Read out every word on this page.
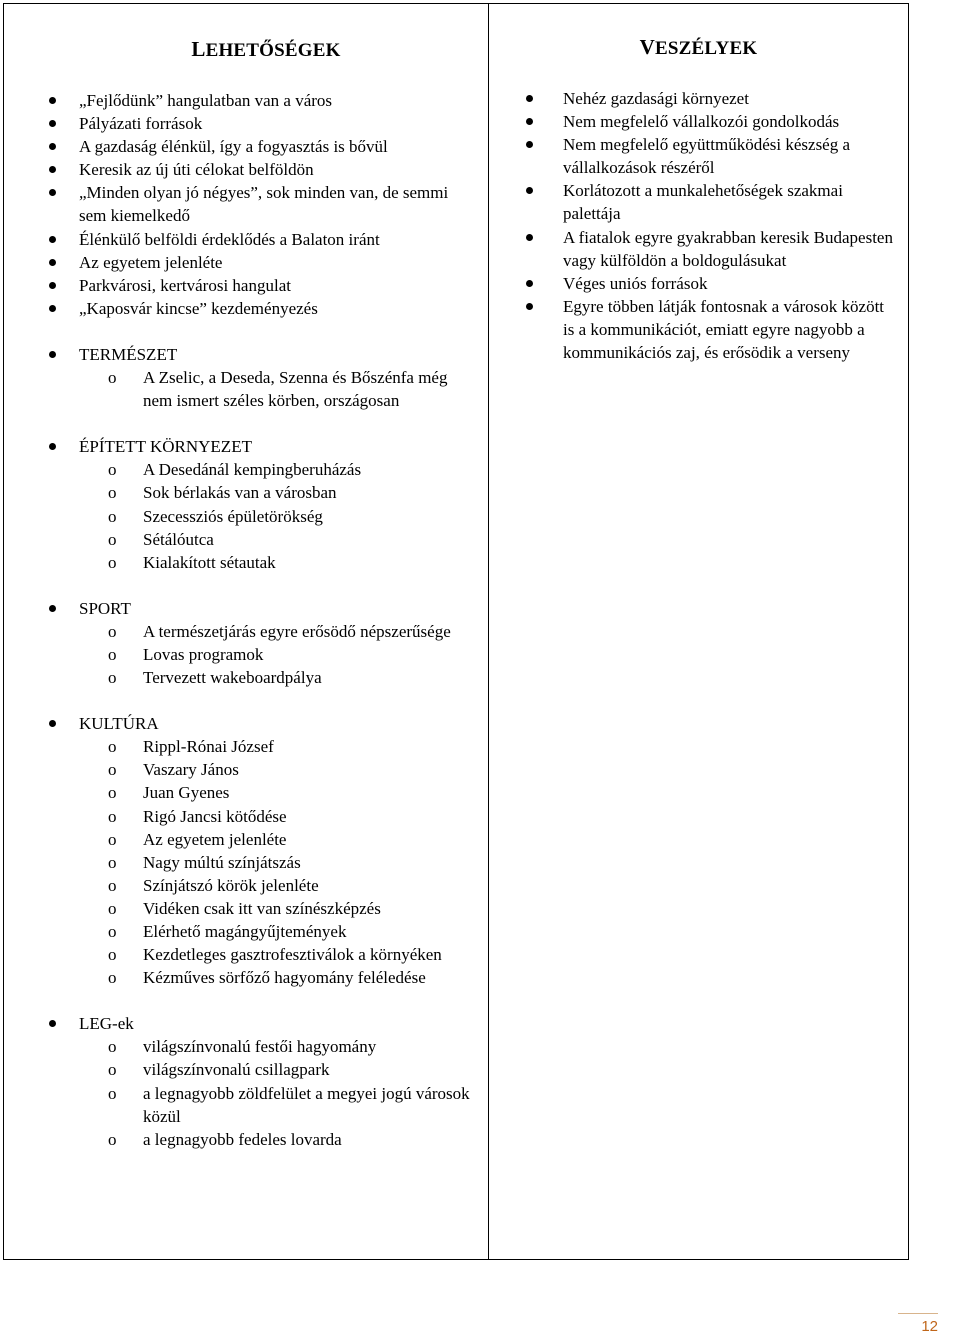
LEHETŐSÉGEK
„Fejlődünk” hangulatban van a város
Pályázati források
A gazdaság élénkül, így a fogyasztás is bővül
Keresik az új úti célokat belföldön
„Minden olyan jó négyes”, sok minden van, de semmi sem kiemelkedő
Élénkülő belföldi érdeklődés a Balaton iránt
Az egyetem jelenléte
Parkvárosi, kertvárosi hangulat
„Kaposvár kincse” kezdeményezés
TERMÉSZET
o A Zselic, a Deseda, Szenna és Bőszénfa még nem ismert széles körben, országosan
ÉPÍTETT KÖRNYEZET
o A Desedánál kempingberuházás
o Sok bérlakás van a városban
o Szecessziós épületörökség
o Sétálóutca
o Kialakított sétautak
SPORT
o A természetjárás egyre erősödő népszerűsége
o Lovas programok
o Tervezett wakeboardpálya
KULTÚRA
o Rippl-Rónai József
o Vaszary János
o Juan Gyenes
o Rigó Jancsi kötődése
o Az egyetem jelenléte
o Nagy múltú színjátszás
o Színjátszó körök jelenléte
o Vidéken csak itt van színészképzés
o Elérhető magángyűjtemények
o Kezdetleges gasztrofesztiválok a környéken
o Kézműves sörfőző hagyomány feléledése
LEG-ek
o világszínvonalú festői hagyomány
o világszínvonalú csillagpark
o a legnagyobb zöldfelület a megyei jogú városok közül
o a legnagyobb fedeles lovarda
VESZÉLYEK
Nehéz gazdasági környezet
Nem megfelelő vállalkozói gondolkodás
Nem megfelelő együttműködési készség a vállalkozások részéről
Korlátozott a munkalehetőségek szakmai palettája
A fiatalok egyre gyakrabban keresik Budapesten vagy külföldön a boldogulásukat
Véges uniós források
Egyre többen látják fontosnak a városok között is a kommunikációt, emiatt egyre nagyobb a kommunikációs zaj, és erősödik a verseny
12
